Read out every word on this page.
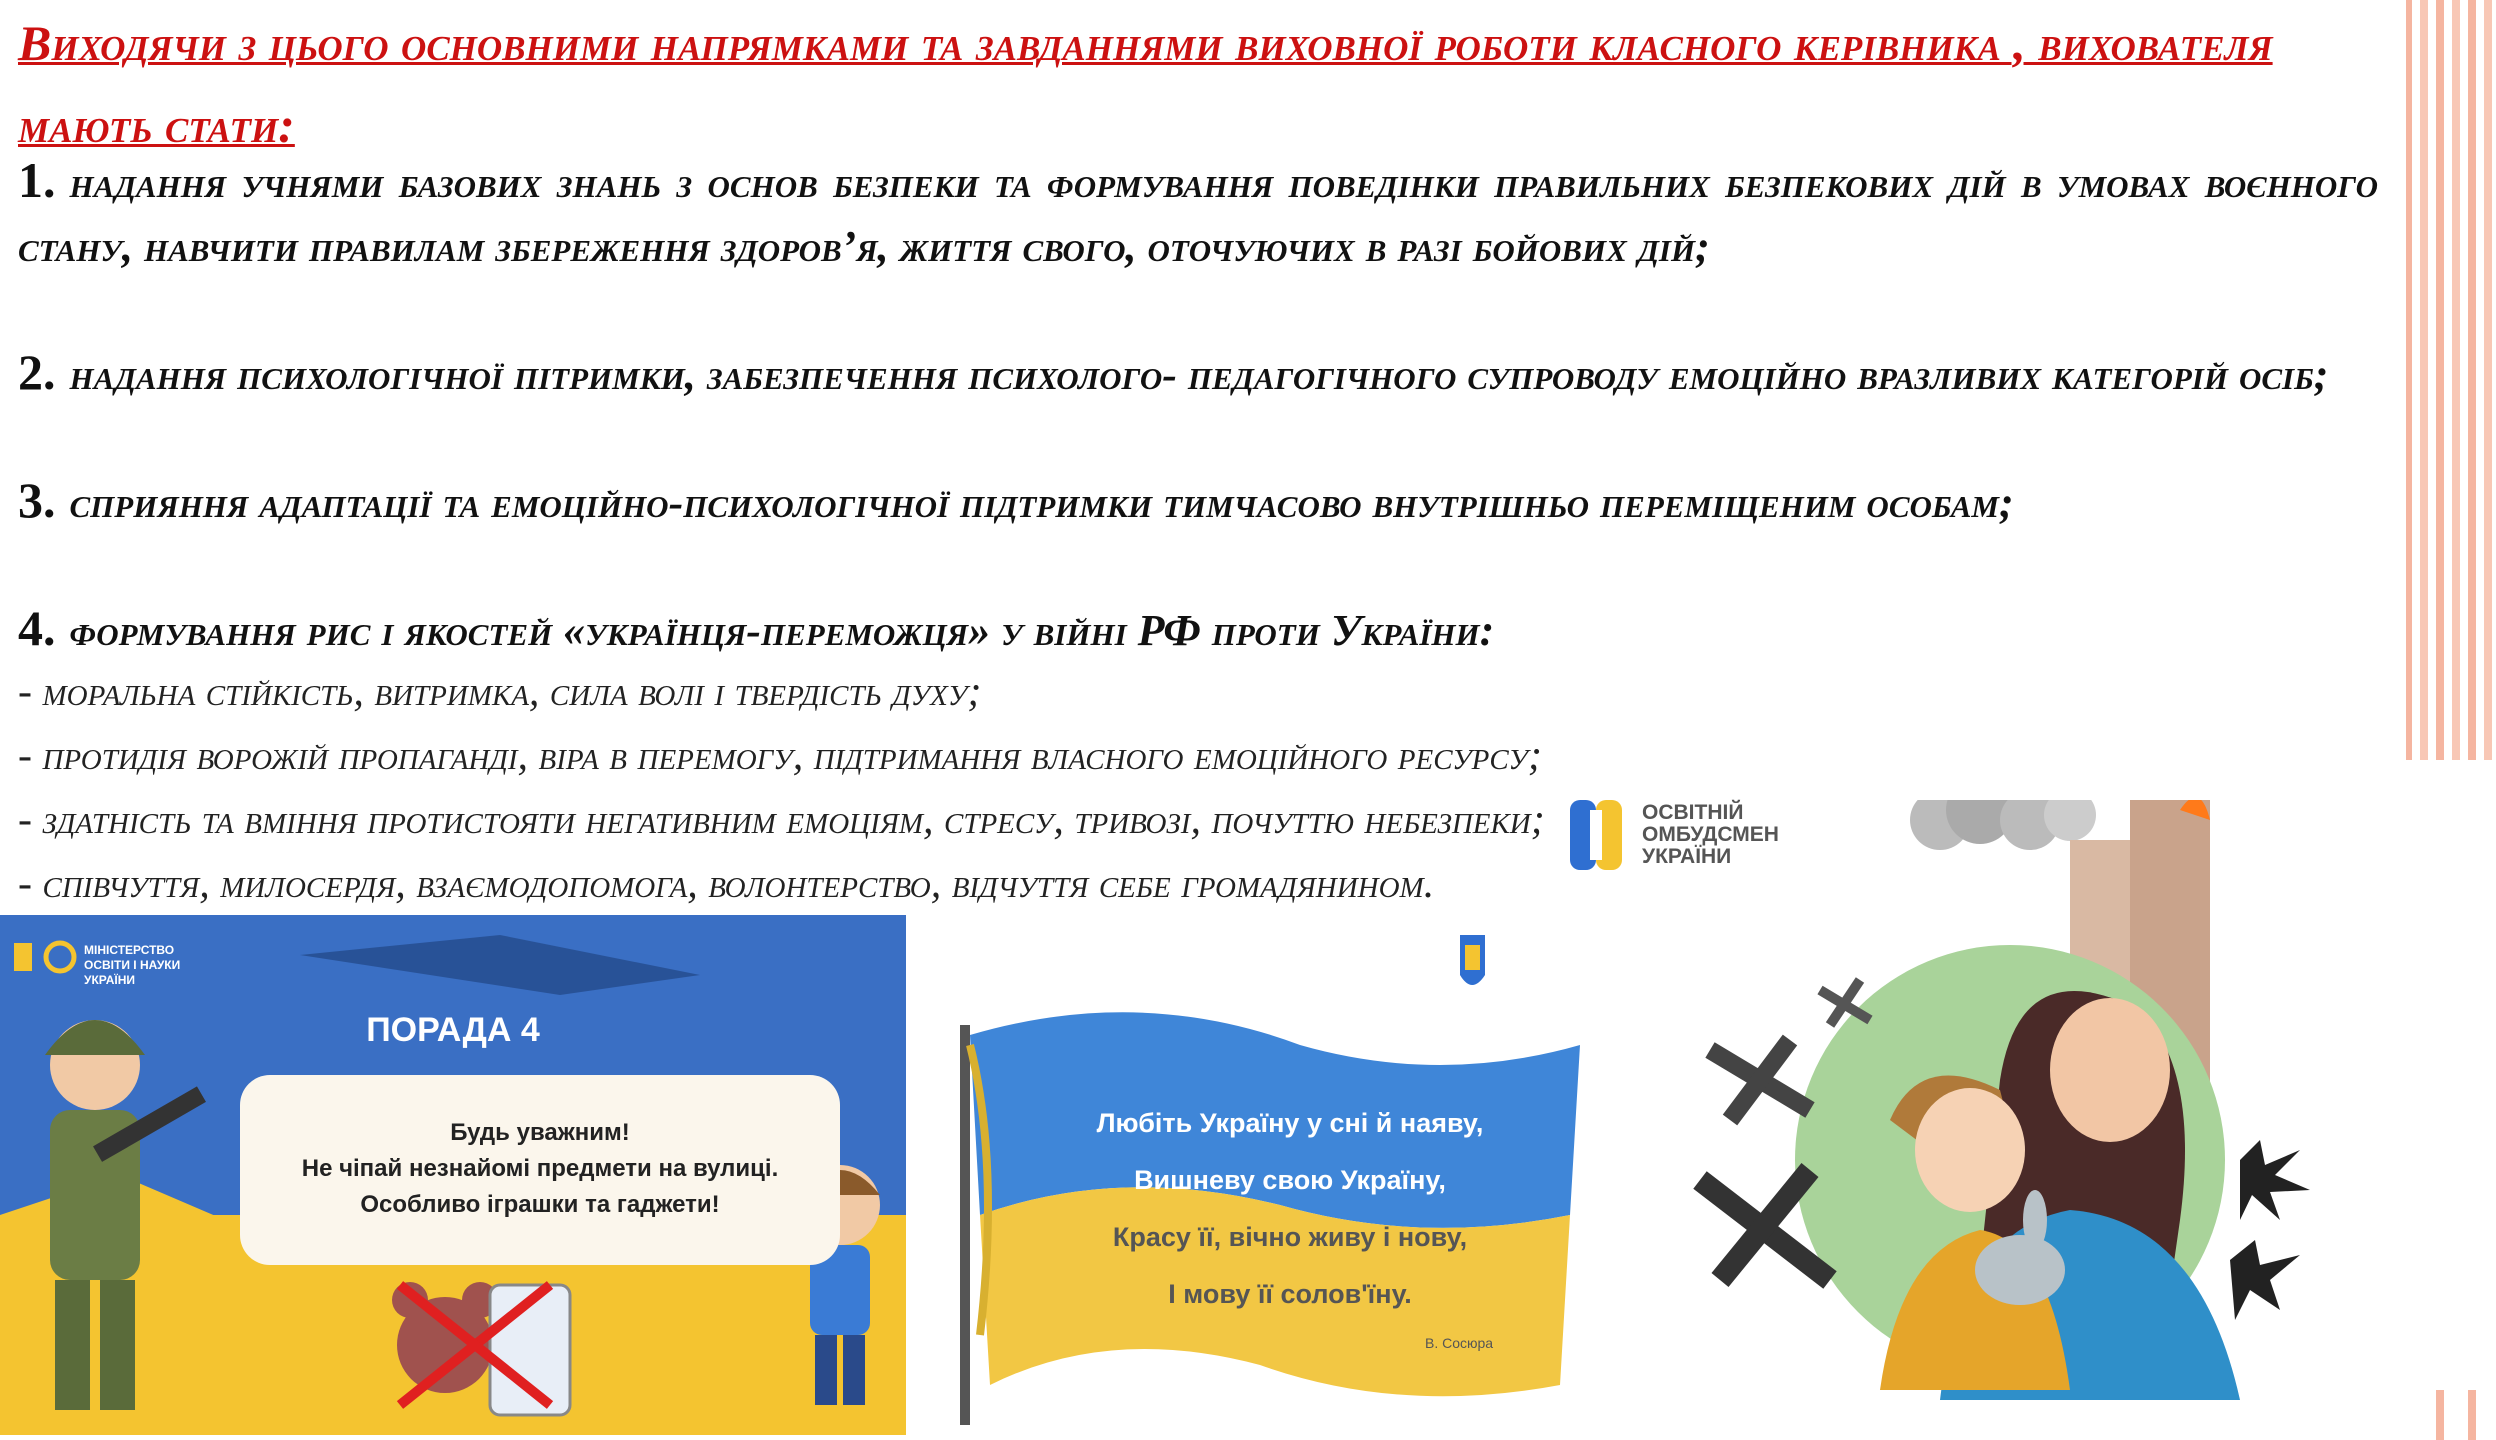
Виходячи з цього основними напрямками та завданнями виховної роботи класного керівника , вихователя мають стати:

1. надання учнями базових знань з основ безпеки та формування поведінки правильних безпекових дій в умовах воєнного стану, навчити правилам збереження здоров’я, життя свого, оточуючих в разі бойових дій;

2. надання психологічної пітримки, забезпечення психолого- педагогічного супроводу емоційно вразливих категорій осіб;

3. сприяння адаптації та емоційно-психологічної підтримки тимчасово внутрішньо переміщеним особам;

4. формування рис і якостей «українця-переможця» у війні РФ проти України:

- моральна стійкість, витримка, сила волі і твердість духу;

- протидія ворожій пропаганді, віра в перемогу, підтримання власного емоційного ресурсу;

- здатність та вміння протистояти негативним емоціям, стресу, тривозі, почуттю небезпеки;

- співчуття, милосердя, взаємодопомога, волонтерство, відчуття себе громадянином.

ОСВІТНІЙ
ОМБУДСМЕН
УКРАЇНИ
МІНІСТЕРСТВО ОСВІТИ І НАУКИ УКРАЇНИ
ПОРАДА 4
Будь уважним!
Не чіпай незнайомі предмети на вулиці.
Особливо іграшки та гаджети!
Любіть Україну у сні й наяву,
Вишневу свою Україну,
Красу її, вічно живу і нову,
І мову її солов'їну.
В. Сосюра
